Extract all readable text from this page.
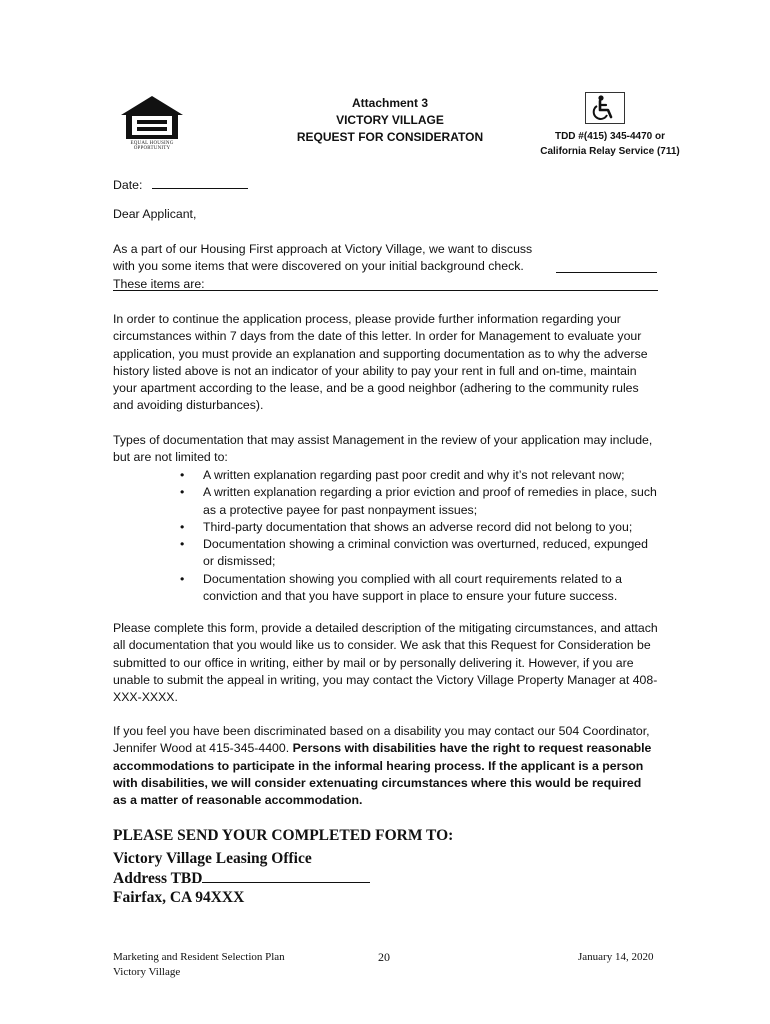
EQUAL HOUSING OPPORTUNITY
Attachment 3
VICTORY VILLAGE
REQUEST FOR CONSIDERATON	TDD #(415) 345-4470 or
California Relay Service (711)
Date:
Dear Applicant,
As a part of our Housing First approach at Victory Village, we want to discuss with you some items that were discovered on your initial background check. These items are:
In order to continue the application process, please provide further information regarding your circumstances within 7 days from the date of this letter. In order for Management to evaluate your application, you must provide an explanation and supporting documentation as to why the adverse history listed above is not an indicator of your ability to pay your rent in full and on-time, maintain your apartment according to the lease, and be a good neighbor (adhering to the community rules and avoiding disturbances).
Types of documentation that may assist Management in the review of your application may include, but are not limited to:
• A written explanation regarding past poor credit and why it’s not relevant now;
• A written explanation regarding a prior eviction and proof of remedies in place, such as a protective payee for past nonpayment issues;
• Third-party documentation that shows an adverse record did not belong to you;
• Documentation showing a criminal conviction was overturned, reduced, expunged or dismissed;
• Documentation showing you complied with all court requirements related to a conviction and that you have support in place to ensure your future success.
Please complete this form, provide a detailed description of the mitigating circumstances, and attach all documentation that you would like us to consider. We ask that this Request for Consideration be submitted to our office in writing, either by mail or by personally delivering it. However, if you are unable to submit the appeal in writing, you may contact the Victory Village Property Manager at 408-XXX-XXXX.
If you feel you have been discriminated based on a disability you may contact our 504 Coordinator, Jennifer Wood at 415-345-4400. Persons with disabilities have the right to request reasonable accommodations to participate in the informal hearing process. If the applicant is a person with disabilities, we will consider extenuating circumstances where this would be required as a matter of reasonable accommodation.
PLEASE SEND YOUR COMPLETED FORM TO:
Victory Village Leasing Office
Address TBD
Fairfax, CA 94XXX
Marketing and Resident Selection Plan
Victory Village
20	January 14, 2020
